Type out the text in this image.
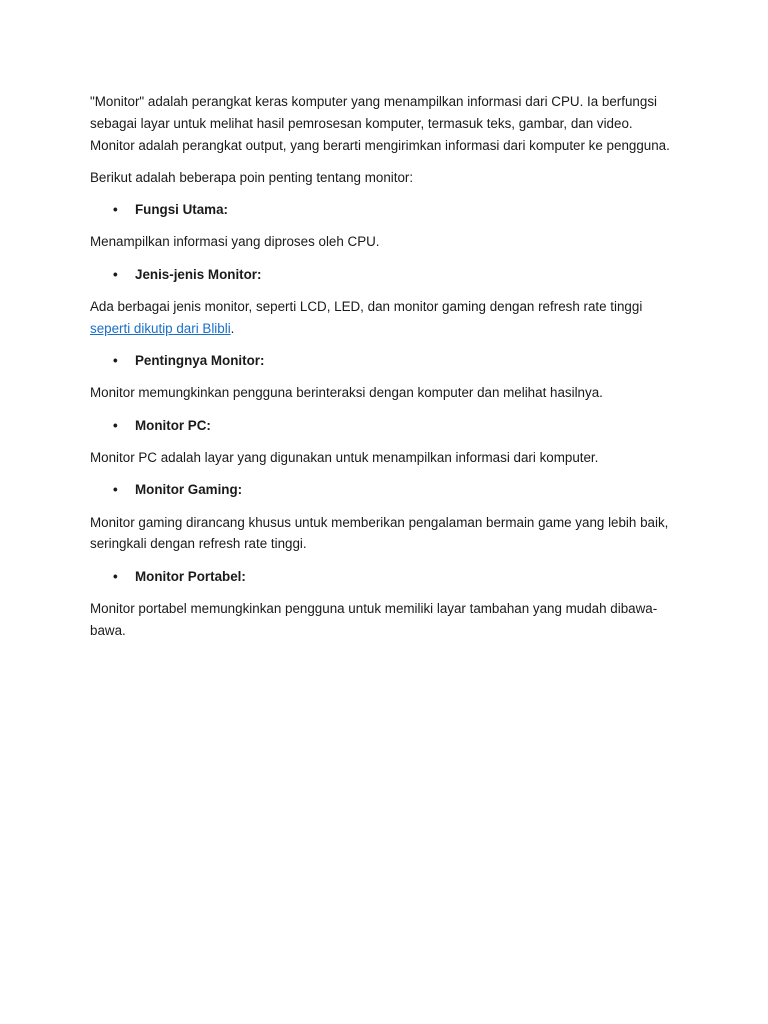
"Monitor" adalah perangkat keras komputer yang menampilkan informasi dari CPU. Ia berfungsi sebagai layar untuk melihat hasil pemrosesan komputer, termasuk teks, gambar, dan video. Monitor adalah perangkat output, yang berarti mengirimkan informasi dari komputer ke pengguna.

Berikut adalah beberapa poin penting tentang monitor:

• Fungsi Utama:

Menampilkan informasi yang diproses oleh CPU.

• Jenis-jenis Monitor:

Ada berbagai jenis monitor, seperti LCD, LED, dan monitor gaming dengan refresh rate tinggi seperti dikutip dari Blibli.

• Pentingnya Monitor:

Monitor memungkinkan pengguna berinteraksi dengan komputer dan melihat hasilnya.

• Monitor PC:

Monitor PC adalah layar yang digunakan untuk menampilkan informasi dari komputer.

• Monitor Gaming:

Monitor gaming dirancang khusus untuk memberikan pengalaman bermain game yang lebih baik, seringkali dengan refresh rate tinggi.

• Monitor Portabel:

Monitor portabel memungkinkan pengguna untuk memiliki layar tambahan yang mudah dibawa-bawa.
